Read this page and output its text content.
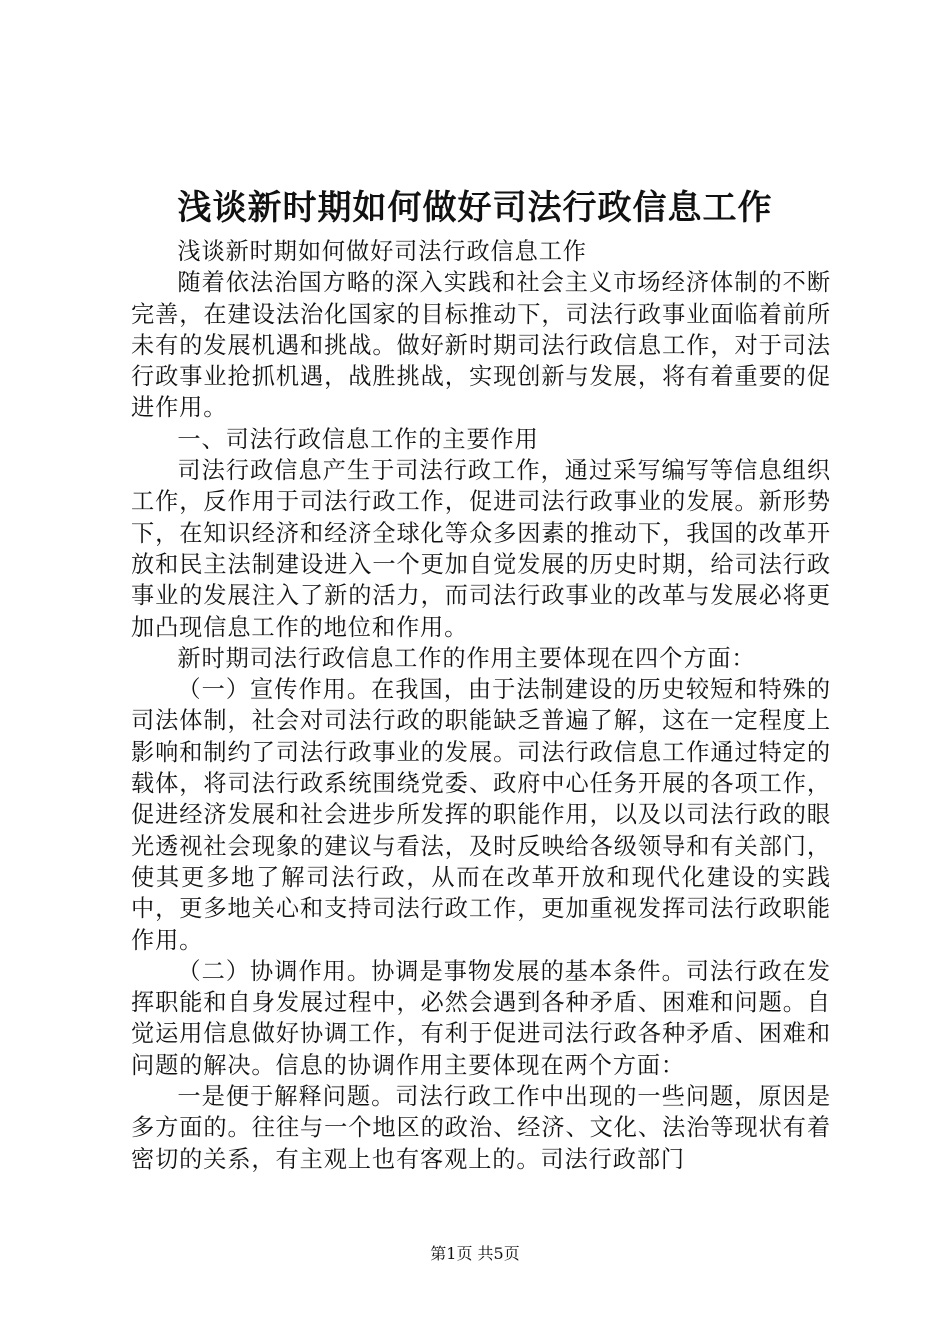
浅谈新时期如何做好司法行政信息工作

浅谈新时期如何做好司法行政信息工作

随着依法治国方略的深入实践和社会主义市场经济体制的不断完善，在建设法治化国家的目标推动下，司法行政事业面临着前所未有的发展机遇和挑战。做好新时期司法行政信息工作，对于司法行政事业抢抓机遇，战胜挑战，实现创新与发展，将有着重要的促进作用。

一、司法行政信息工作的主要作用

司法行政信息产生于司法行政工作，通过采写编写等信息组织工作，反作用于司法行政工作，促进司法行政事业的发展。新形势下，在知识经济和经济全球化等众多因素的推动下，我国的改革开放和民主法制建设进入一个更加自觉发展的历史时期，给司法行政事业的发展注入了新的活力，而司法行政事业的改革与发展必将更加凸现信息工作的地位和作用。

新时期司法行政信息工作的作用主要体现在四个方面：

（一）宣传作用。在我国，由于法制建设的历史较短和特殊的司法体制，社会对司法行政的职能缺乏普遍了解，这在一定程度上影响和制约了司法行政事业的发展。司法行政信息工作通过特定的载体，将司法行政系统围绕党委、政府中心任务开展的各项工作，促进经济发展和社会进步所发挥的职能作用，以及以司法行政的眼光透视社会现象的建议与看法，及时反映给各级领导和有关部门，使其更多地了解司法行政，从而在改革开放和现代化建设的实践中，更多地关心和支持司法行政工作，更加重视发挥司法行政职能作用。

（二）协调作用。协调是事物发展的基本条件。司法行政在发挥职能和自身发展过程中，必然会遇到各种矛盾、困难和问题。自觉运用信息做好协调工作，有利于促进司法行政各种矛盾、困难和问题的解决。信息的协调作用主要体现在两个方面：

一是便于解释问题。司法行政工作中出现的一些问题，原因是多方面的。往往与一个地区的政治、经济、文化、法治等现状有着密切的关系，有主观上也有客观上的。司法行政部门

第1页 共5页
